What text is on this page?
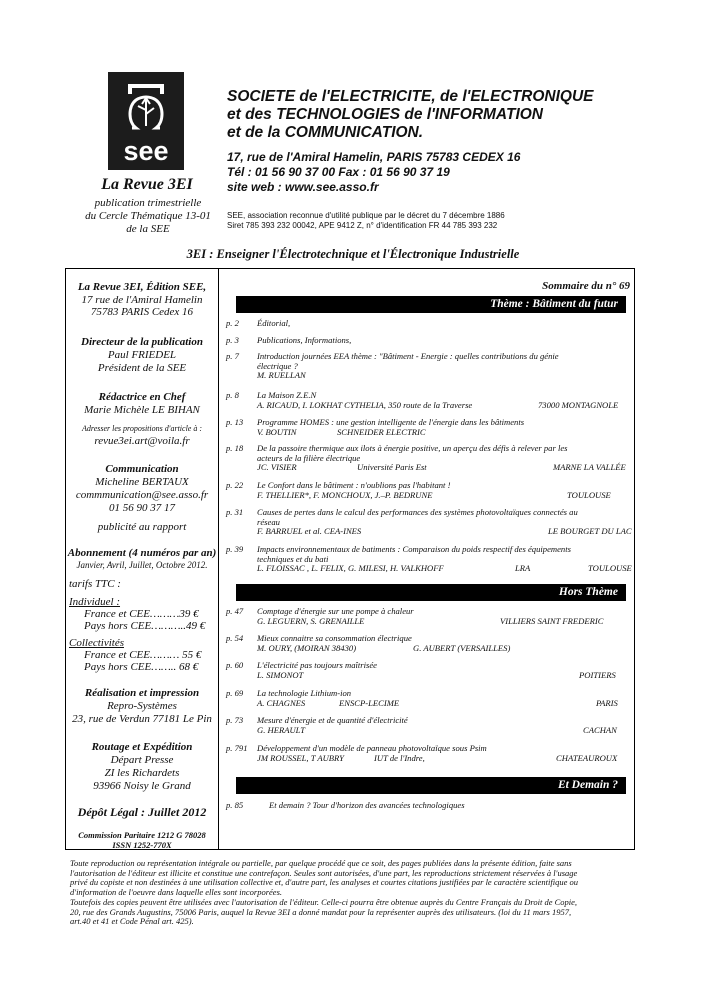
see
La Revue 3EI
publication trimestrielle
du Cercle Thématique 13-01
de la SEE
SOCIETE de l'ELECTRICITE, de l'ELECTRONIQUE
et des TECHNOLOGIES de l'INFORMATION
et de la COMMUNICATION.
17, rue de l'Amiral Hamelin, PARIS 75783 CEDEX 16
Tél : 01 56 90 37 00 Fax : 01 56 90 37 19
site web : www.see.asso.fr
SEE, association reconnue d'utilité publique par le décret du 7 décembre 1886
Siret 785 393 232 00042, APE 9412 Z, n° d'identification FR 44 785 393 232
3EI : Enseigner l'Électrotechnique et l'Électronique Industrielle
La Revue 3EI, Édition SEE,
17 rue de l'Amiral Hamelin
75783 PARIS Cedex 16
Directeur de la publication
Paul FRIEDEL
Président de la SEE
Rédactrice en Chef
Marie Michèle LE BIHAN
Adresser les propositions d'article à :
revue3ei.art@voila.fr
Communication
Micheline BERTAUX
commmunication@see.asso.fr
01 56 90 37 17
publicité au rapport
Abonnement (4 numéros par an)
Janvier, Avril, Juillet, Octobre 2012.
tarifs TTC :
Individuel :
France et CEE………39 €
Pays hors CEE………..49 €
Collectivités
France et CEE……… 55 €
Pays hors CEE…….. 68 €
Réalisation et impression
Repro-Systèmes
23, rue de Verdun 77181 Le Pin
Routage et Expédition
Départ Presse
ZI les Richardets
93966 Noisy le Grand
Dépôt Légal : Juillet 2012
Commission Paritaire 1212 G 78028
ISSN 1252-770X
Sommaire du n° 69
Thème : Bâtiment du futur
p. 2 Éditorial,
p. 3 Publications, Informations,
p. 7 Introduction journées EEA thème : "Bâtiment - Energie : quelles contributions du génie
électrique ?
M. RUELLAN
p. 8 La Maison Z.E.N
A. RICAUD, I. LOKHAT CYTHELIA, 350 route de la Traverse	73000 MONTAGNOLE
p. 13 Programme HOMES : une gestion intelligente de l'énergie dans les bâtiments
V. BOUTIN	SCHNEIDER ELECTRIC
p. 18 De la passoire thermique aux ilots à énergie positive, un aperçu des défis à relever par les
acteurs de la filière électrique
JC. VISIER	Université Paris Est	MARNE LA VALLÉE
p. 22 Le Confort dans le bâtiment : n'oublions pas l'habitant !
F. THELLIER*, F. MONCHOUX, J.–P. BEDRUNE	TOULOUSE
p. 31 Causes de pertes dans le calcul des performances des systèmes photovoltaïques connectés au
réseau
F. BARRUEL et al. CEA-INES	LE BOURGET DU LAC
p. 39 Impacts environnementaux de batiments : Comparaison du poids respectif des équipements
techniques et du bati
L. FLOISSAC , L. FELIX, G. MILESI, H. VALKHOFF	LRA	TOULOUSE
Hors Thème
p. 47 Comptage d'énergie sur une pompe à chaleur
G. LEGUERN, S. GRENAILLE	VILLIERS SAINT FREDERIC
p. 54 Mieux connaitre sa consommation électrique
M. OURY, (MOIRAN 38430)	G. AUBERT (VERSAILLES)
p. 60 L'électricité pas toujours maîtrisée
L. SIMONOT	POITIERS
p. 69 La technologie Lithium-ion
A. CHAGNES	ENSCP-LECIME	PARIS
p. 73 Mesure d'énergie et de quantité d'électricité
G. HERAULT	CACHAN
p. 791 Développement d'un modèle de panneau photovoltaïque sous Psim
JM ROUSSEL, T AUBRY	IUT de l'Indre,	CHATEAUROUX
Et Demain ?
p. 85	Et demain ? Tour d'horizon des avancées technologiques
Toute reproduction ou représentation intégrale ou partielle, par quelque procédé que ce soit, des pages publiées dans la présente édition, faite sans
l'autorisation de l'éditeur est illicite et constitue une contrefaçon. Seules sont autorisées, d'une part, les reproductions strictement réservées à l'usage
privé du copiste et non destinées à une utilisation collective et, d'autre part, les analyses et courtes citations justifiées par le caractère scientifique ou
d'information de l'oeuvre dans laquelle elles sont incorporées.
Toutefois des copies peuvent être utilisées avec l'autorisation de l'éditeur. Celle-ci pourra être obtenue auprès du Centre Français du Droit de Copie,
20, rue des Grands Augustins, 75006 Paris, auquel la Revue 3EI a donné mandat pour la représenter auprès des utilisateurs. (loi du 11 mars 1957,
art.40 et 41 et Code Pénal art. 425).
